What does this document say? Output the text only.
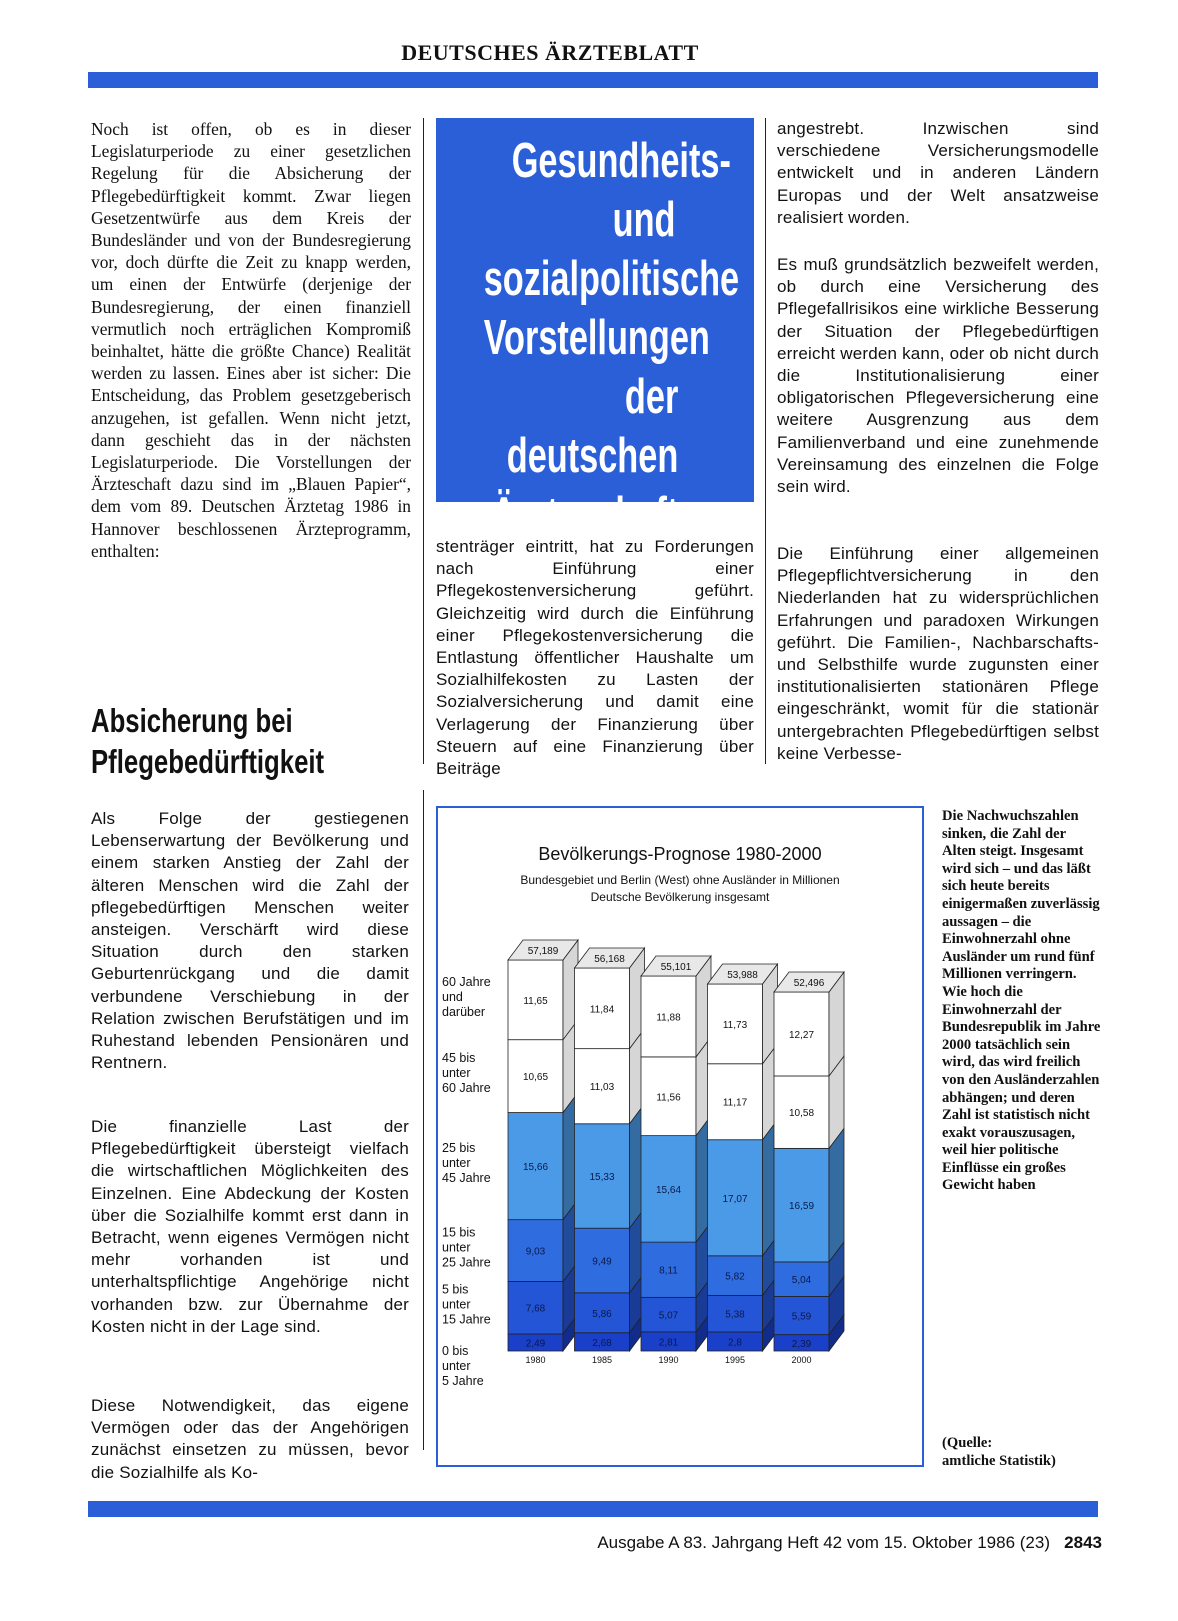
DEUTSCHES ÄRZTEBLATT

Noch ist offen, ob es in dieser Legislaturperiode zu einer gesetzlichen Regelung für die Absicherung der Pflegebedürftigkeit kommt. Zwar liegen Gesetzentwürfe aus dem Kreis der Bundesländer und von der Bundesregierung vor, doch dürfte die Zeit zu knapp werden, um einen der Entwürfe (derjenige der Bundesregierung, der einen finanziell vermutlich noch erträglichen Kompromiß beinhaltet, hätte die größte Chance) Realität werden zu lassen. Eines aber ist sicher: Die Entscheidung, das Problem gesetzgeberisch anzugehen, ist gefallen. Wenn nicht jetzt, dann geschieht das in der nächsten Legislaturperiode. Die Vorstellungen der Ärzteschaft dazu sind im „Blauen Papier“, dem vom 89. Deutschen Ärztetag 1986 in Hannover beschlossenen Ärzteprogramm, enthalten:

Absicherung bei
Pflegebedürftigkeit

Als Folge der gestiegenen Lebenserwartung der Bevölkerung und einem starken Anstieg der Zahl der älteren Menschen wird die Zahl der pflegebedürftigen Menschen weiter ansteigen. Verschärft wird diese Situation durch den starken Geburtenrückgang und die damit verbundene Verschiebung in der Relation zwischen Berufstätigen und im Ruhestand lebenden Pensionären und Rentnern.

Die finanzielle Last der Pflegebedürftigkeit übersteigt vielfach die wirtschaftlichen Möglichkeiten des Einzelnen. Eine Abdeckung der Kosten über die Sozialhilfe kommt erst dann in Betracht, wenn eigenes Vermögen nicht mehr vorhanden ist und unterhaltspflichtige Angehörige nicht vorhanden bzw. zur Übernahme der Kosten nicht in der Lage sind.

Diese Notwendigkeit, das eigene Vermögen oder das der Angehörigen zunächst einsetzen zu müssen, bevor die Sozialhilfe als Ko-

Gesundheits-
und
sozialpolitische
Vorstellungen
der deutschen
Ärzteschaft

stenträger eintritt, hat zu Forderungen nach Einführung einer Pflegekostenversicherung geführt. Gleichzeitig wird durch die Einführung einer Pflegekostenversicherung die Entlastung öffentlicher Haushalte um Sozialhilfekosten zu Lasten der Sozialversicherung und damit eine Verlagerung der Finanzierung über Steuern auf eine Finanzierung über Beiträge

angestrebt. Inzwischen sind verschiedene Versicherungsmodelle entwickelt und in anderen Ländern Europas und der Welt ansatzweise realisiert worden.

Es muß grundsätzlich bezweifelt werden, ob durch eine Versicherung des Pflegefallrisikos eine wirkliche Besserung der Situation der Pflegebedürftigen erreicht werden kann, oder ob nicht durch die Institutionalisierung einer obligatorischen Pflegeversicherung eine weitere Ausgrenzung aus dem Familienverband und eine zunehmende Vereinsamung des einzelnen die Folge sein wird.

Die Einführung einer allgemeinen Pflegepflichtversicherung in den Niederlanden hat zu widersprüchlichen Erfahrungen und paradoxen Wirkungen geführt. Die Familien-, Nachbarschafts- und Selbsthilfe wurde zugunsten einer institutionalisierten stationären Pflege eingeschränkt, womit für die stationär untergebrachten Pflegebedürftigen selbst keine Verbesse-

Bevölkerungs-Prognose 1980-2000
Bundesgebiet und Berlin (West) ohne Ausländer in Millionen
Deutsche Bevölkerung insgesamt
2,49
7,68
9,03
15,66
10,65
11,65
57,189
1980
2,68
5,86
9,49
15,33
11,03
11,84
56,168
1985
2,81
5,07
8,11
15,64
11,56
11,88
55,101
1990
2,8
5,38
5,82
17,07
11,17
11,73
53,988
1995
2,39
5,59
5,04
16,59
10,58
12,27
52,496
2000
60 Jahre
und
darüber
45 bis
unter
60 Jahre
25 bis
unter
45 Jahre
15 bis
unter
25 Jahre
5 bis
unter
15 Jahre
0 bis
unter
5 Jahre
Die Nachwuchszahlen sinken, die Zahl der Alten steigt. Insgesamt wird sich – und das läßt sich heute bereits einigermaßen zuverlässig aussagen – die Einwohnerzahl ohne Ausländer um rund fünf Millionen verringern. Wie hoch die Einwohnerzahl der Bundesrepublik im Jahre 2000 tatsächlich sein wird, das wird freilich von den Ausländerzahlen abhängen; und deren Zahl ist statistisch nicht exakt vorauszusagen, weil hier politische Einflüsse ein großes Gewicht haben
(Quelle:
amtliche Statistik)
Ausgabe A 83. Jahrgang Heft 42 vom 15. Oktober 1986 (23) 2843
